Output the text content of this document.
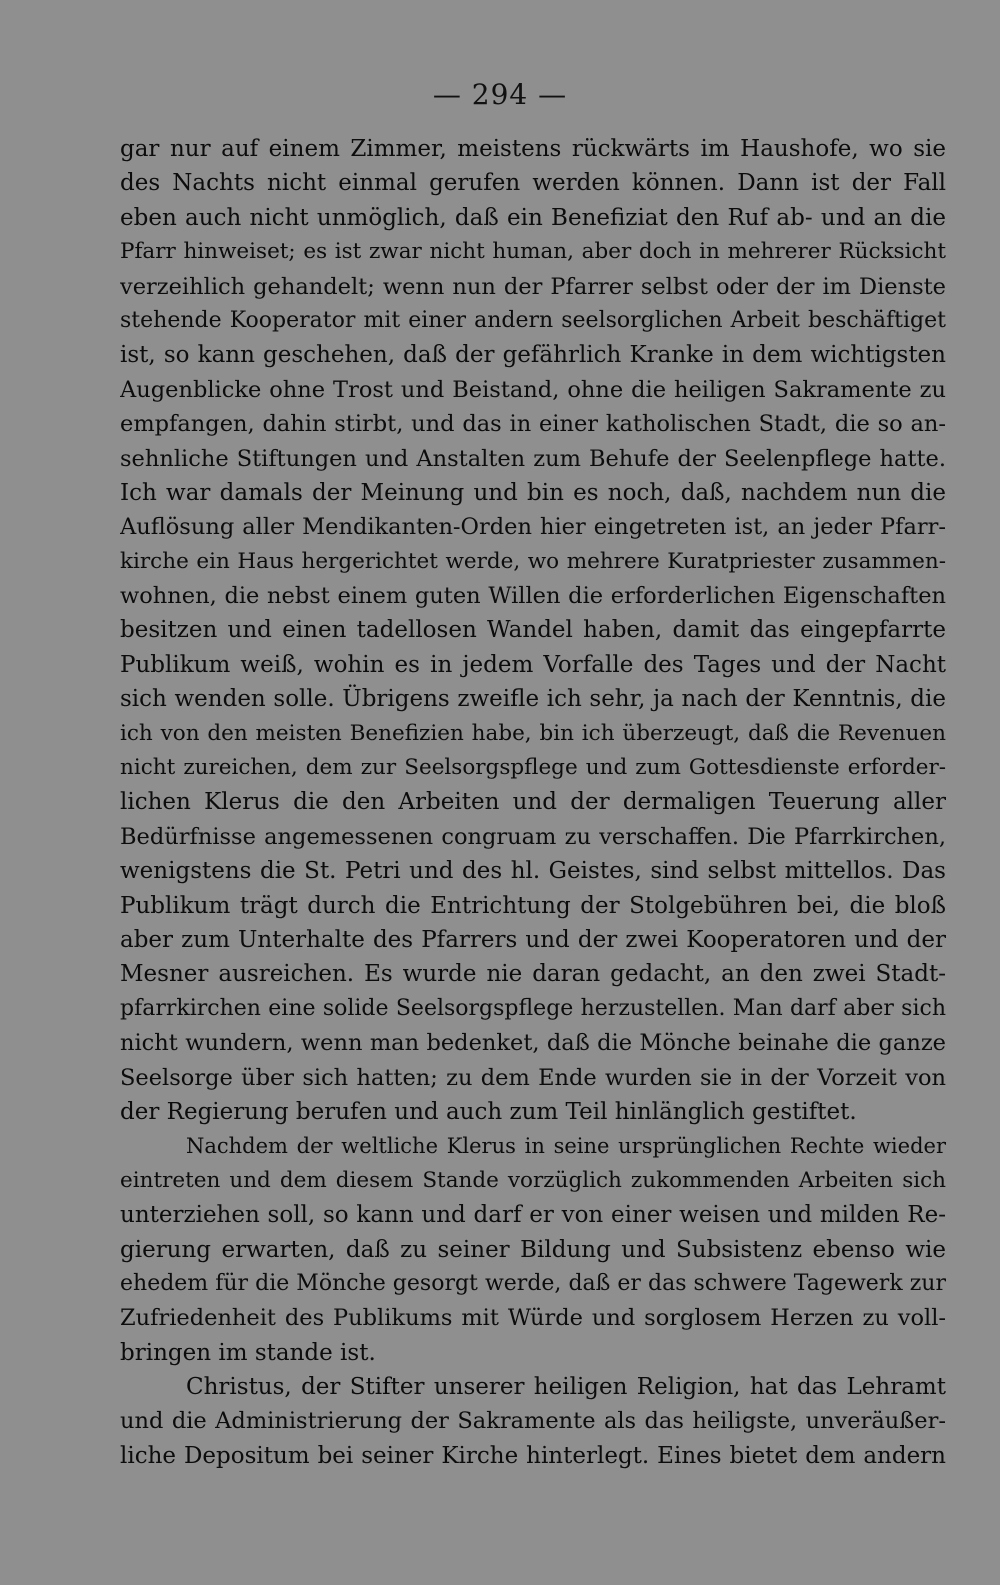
— 294 —
gar nur auf einem Zimmer, meistens rückwärts im Haushofe, wo sie
des Nachts nicht einmal gerufen werden können. Dann ist der Fall
eben auch nicht unmöglich, daß ein Benefiziat den Ruf ab- und an die
Pfarr hinweiset; es ist zwar nicht human, aber doch in mehrerer Rücksicht
verzeihlich gehandelt; wenn nun der Pfarrer selbst oder der im Dienste
stehende Kooperator mit einer andern seelsorglichen Arbeit beschäftiget
ist, so kann geschehen, daß der gefährlich Kranke in dem wichtigsten
Augenblicke ohne Trost und Beistand, ohne die heiligen Sakramente zu
empfangen, dahin stirbt, und das in einer katholischen Stadt, die so an-
sehnliche Stiftungen und Anstalten zum Behufe der Seelenpflege hatte.
Ich war damals der Meinung und bin es noch, daß, nachdem nun die
Auflösung aller Mendikanten-Orden hier eingetreten ist, an jeder Pfarr-
kirche ein Haus hergerichtet werde, wo mehrere Kuratpriester zusammen-
wohnen, die nebst einem guten Willen die erforderlichen Eigenschaften
besitzen und einen tadellosen Wandel haben, damit das eingepfarrte
Publikum weiß, wohin es in jedem Vorfalle des Tages und der Nacht
sich wenden solle. Übrigens zweifle ich sehr, ja nach der Kenntnis, die
ich von den meisten Benefizien habe, bin ich überzeugt, daß die Revenuen
nicht zureichen, dem zur Seelsorgspflege und zum Gottesdienste erforder-
lichen Klerus die den Arbeiten und der dermaligen Teuerung aller
Bedürfnisse angemessenen congruam zu verschaffen. Die Pfarrkirchen,
wenigstens die St. Petri und des hl. Geistes, sind selbst mittellos. Das
Publikum trägt durch die Entrichtung der Stolgebühren bei, die bloß
aber zum Unterhalte des Pfarrers und der zwei Kooperatoren und der
Mesner ausreichen. Es wurde nie daran gedacht, an den zwei Stadt-
pfarrkirchen eine solide Seelsorgspflege herzustellen. Man darf aber sich
nicht wundern, wenn man bedenket, daß die Mönche beinahe die ganze
Seelsorge über sich hatten; zu dem Ende wurden sie in der Vorzeit von
der Regierung berufen und auch zum Teil hinlänglich gestiftet.
Nachdem der weltliche Klerus in seine ursprünglichen Rechte wieder
eintreten und dem diesem Stande vorzüglich zukommenden Arbeiten sich
unterziehen soll, so kann und darf er von einer weisen und milden Re-
gierung erwarten, daß zu seiner Bildung und Subsistenz ebenso wie
ehedem für die Mönche gesorgt werde, daß er das schwere Tagewerk zur
Zufriedenheit des Publikums mit Würde und sorglosem Herzen zu voll-
bringen im stande ist.
Christus, der Stifter unserer heiligen Religion, hat das Lehramt
und die Administrierung der Sakramente als das heiligste, unveräußer-
liche Depositum bei seiner Kirche hinterlegt. Eines bietet dem andern
